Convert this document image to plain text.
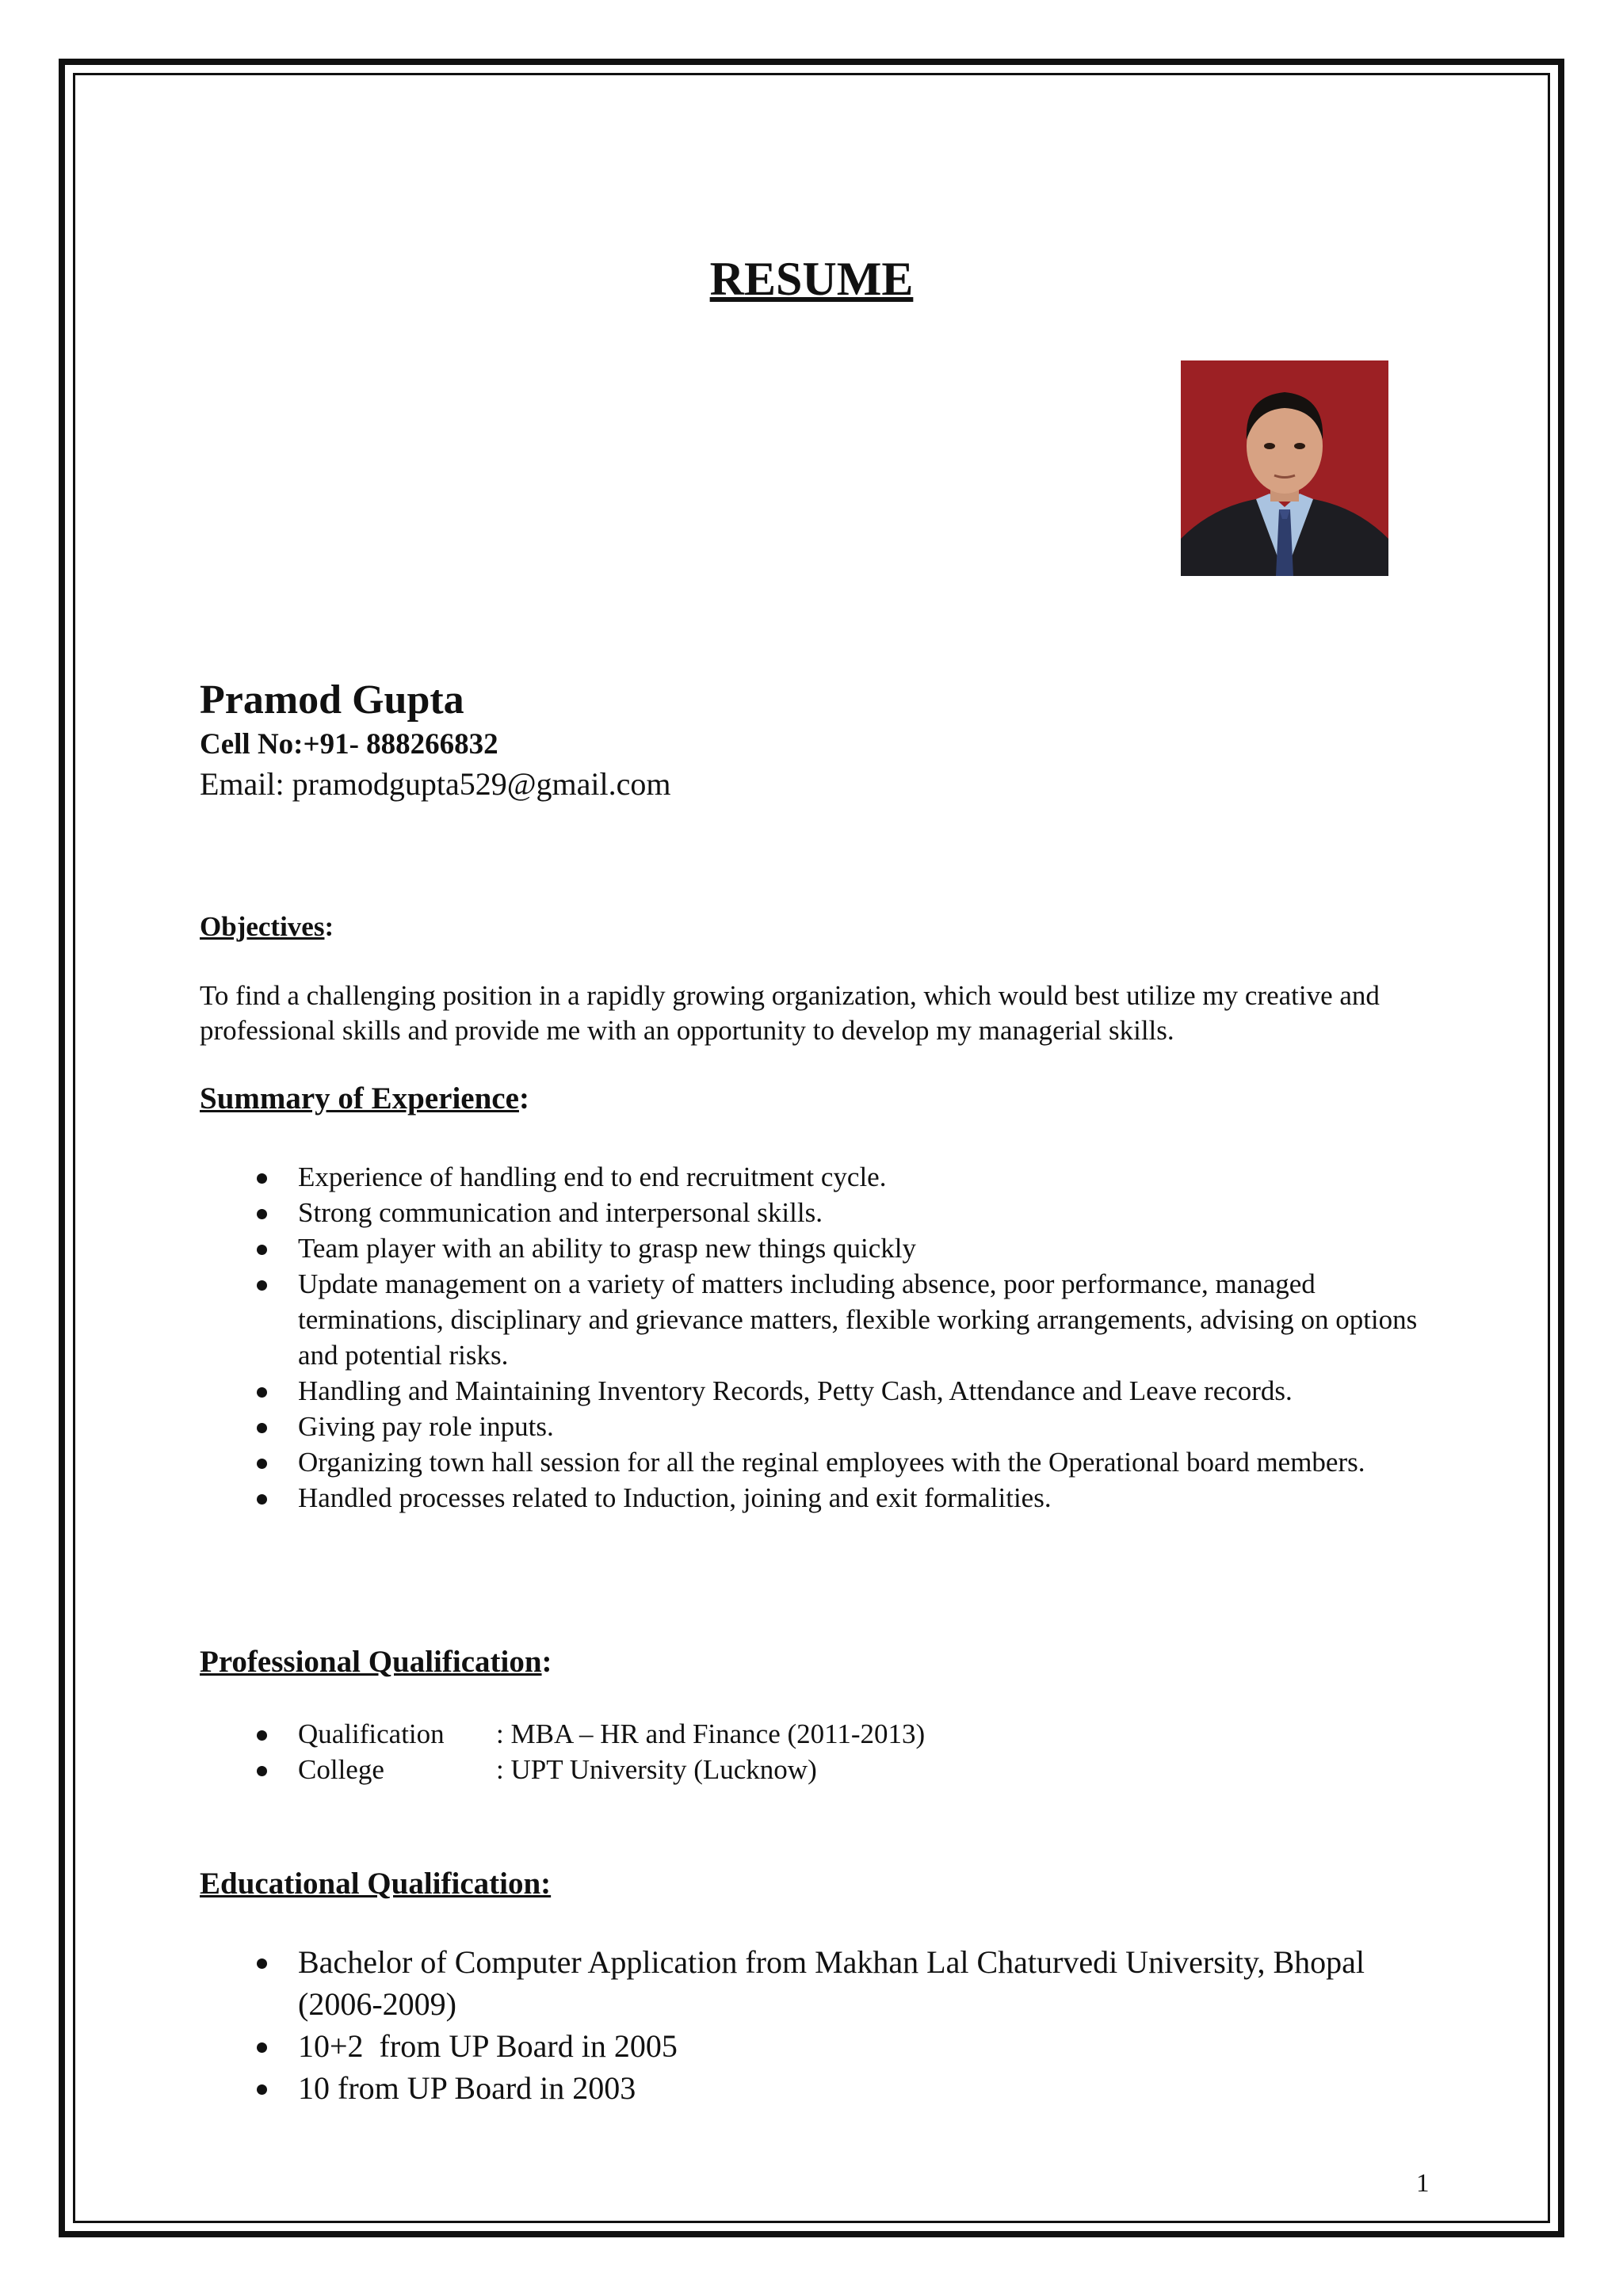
RESUME
Pramod Gupta
Cell No:+91- 888266832
Email: pramodgupta529@gmail.com
Objectives:
To find a challenging position in a rapidly growing organization, which would best utilize my creative and professional skills and provide me with an opportunity to develop my managerial skills.
Summary of Experience:
Experience of handling end to end recruitment cycle.
Strong communication and interpersonal skills.
Team player with an ability to grasp new things quickly
Update management on a variety of matters including absence, poor performance, managed terminations, disciplinary and grievance matters, flexible working arrangements, advising on options and potential risks.
Handling and Maintaining Inventory Records, Petty Cash, Attendance and Leave records.
Giving pay role inputs.
Organizing town hall session for all the reginal employees with the Operational board members.
Handled processes related to Induction, joining and exit formalities.
Professional Qualification:
Qualification : MBA – HR and Finance (2011-2013)
College	: UPT University (Lucknow)
Educational Qualification:
Bachelor of Computer Application from Makhan Lal Chaturvedi University, Bhopal (2006-2009)
10+2  from UP Board in 2005
10 from UP Board in 2003
1
